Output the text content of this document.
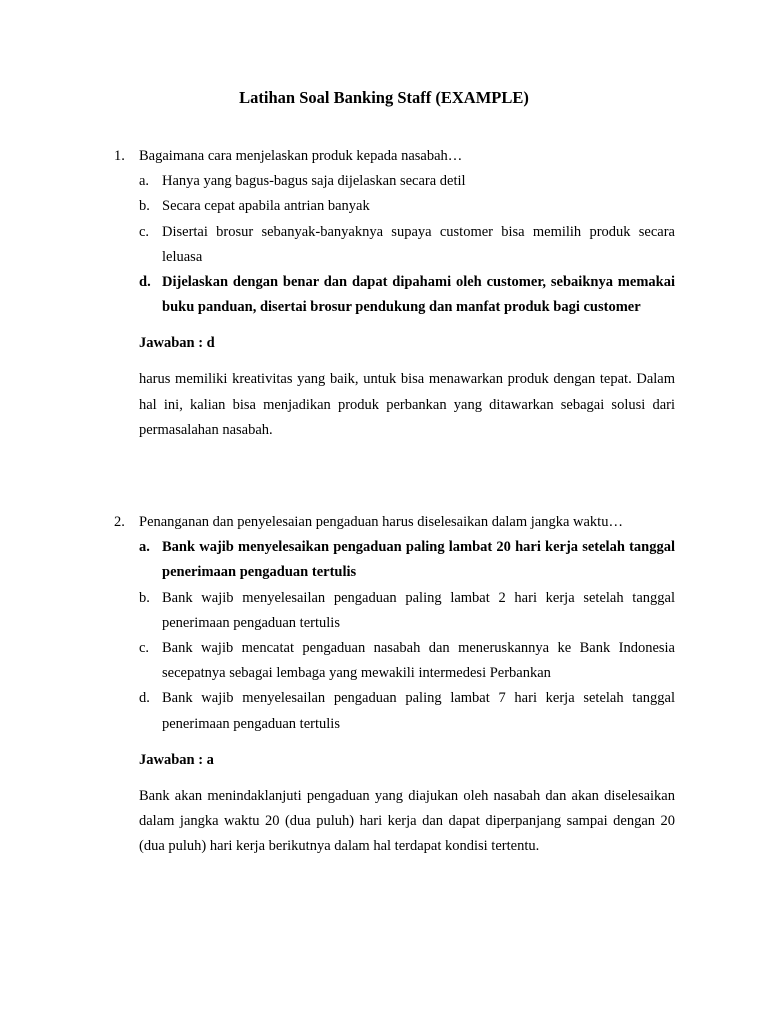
Latihan Soal Banking Staff (EXAMPLE)
1. Bagaimana cara menjelaskan produk kepada nasabah…
a. Hanya yang bagus-bagus saja dijelaskan secara detil
b. Secara cepat apabila antrian banyak
c. Disertai brosur sebanyak-banyaknya supaya customer bisa memilih produk secara leluasa
d. Dijelaskan dengan benar dan dapat dipahami oleh customer, sebaiknya memakai buku panduan, disertai brosur pendukung dan manfat produk bagi customer
Jawaban : d
harus memiliki kreativitas yang baik, untuk bisa menawarkan produk dengan tepat. Dalam hal ini, kalian bisa menjadikan produk perbankan yang ditawarkan sebagai solusi dari permasalahan nasabah.
2. Penanganan dan penyelesaian pengaduan harus diselesaikan dalam jangka waktu…
a. Bank wajib menyelesaikan pengaduan paling lambat 20 hari kerja setelah tanggal penerimaan pengaduan tertulis
b. Bank wajib menyelesailan pengaduan paling lambat 2 hari kerja setelah tanggal penerimaan pengaduan tertulis
c. Bank wajib mencatat pengaduan nasabah dan meneruskannya ke Bank Indonesia secepatnya sebagai lembaga yang mewakili intermedesi Perbankan
d. Bank wajib menyelesailan pengaduan paling lambat 7 hari kerja setelah tanggal penerimaan pengaduan tertulis
Jawaban : a
Bank akan menindaklanjuti pengaduan yang diajukan oleh nasabah dan akan diselesaikan dalam jangka waktu 20 (dua puluh) hari kerja dan dapat diperpanjang sampai dengan 20 (dua puluh) hari kerja berikutnya dalam hal terdapat kondisi tertentu.
